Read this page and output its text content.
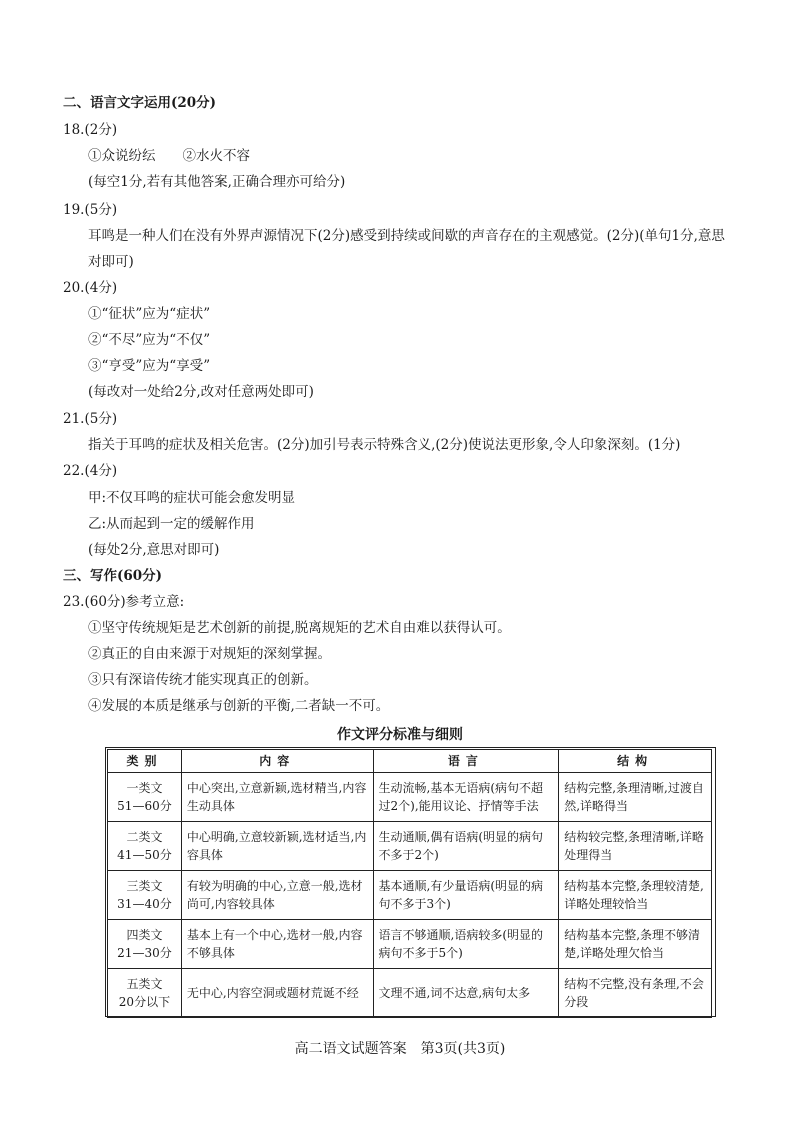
二、语言文字运用(20分)
18.(2分)
①众说纷纭　　②水火不容
(每空1分,若有其他答案,正确合理亦可给分)
19.(5分)
耳鸣是一种人们在没有外界声源情况下(2分)感受到持续或间歇的声音存在的主观感觉。(2分)(单句1分,意思对即可)
20.(4分)
①“征状”应为“症状”
②“不尽”应为“不仅”
③“亨受”应为“享受”
(每改对一处给2分,改对任意两处即可)
21.(5分)
指关于耳鸣的症状及相关危害。(2分)加引号表示特殊含义,(2分)使说法更形象,令人印象深刻。(1分)
22.(4分)
甲:不仅耳鸣的症状可能会愈发明显
乙:从而起到一定的缓解作用
(每处2分,意思对即可)
三、写作(60分)
23.(60分)参考立意:
①坚守传统规矩是艺术创新的前提,脱离规矩的艺术自由难以获得认可。
②真正的自由来源于对规矩的深刻掌握。
③只有深谙传统才能实现真正的创新。
④发展的本质是继承与创新的平衡,二者缺一不可。
作文评分标准与细则
类别	内容	语言	结构

一类文
51—60分	中心突出,立意新颖,选材精当,内容生动具体	生动流畅,基本无语病(病句不超过2个),能用议论、抒情等手法	结构完整,条理清晰,过渡自然,详略得当

二类文
41—50分	中心明确,立意较新颖,选材适当,内容具体	生动通顺,偶有语病(明显的病句不多于2个)	结构较完整,条理清晰,详略处理得当

三类文
31—40分	有较为明确的中心,立意一般,选材尚可,内容较具体	基本通顺,有少量语病(明显的病句不多于3个)	结构基本完整,条理较清楚,详略处理较恰当

四类文
21—30分	基本上有一个中心,选材一般,内容不够具体	语言不够通顺,语病较多(明显的病句不多于5个)	结构基本完整,条理不够清楚,详略处理欠恰当

五类文
20分以下	无中心,内容空洞或题材荒诞不经	文理不通,词不达意,病句太多	结构不完整,没有条理,不会分段
高二语文试题答案　第3页(共3页)
